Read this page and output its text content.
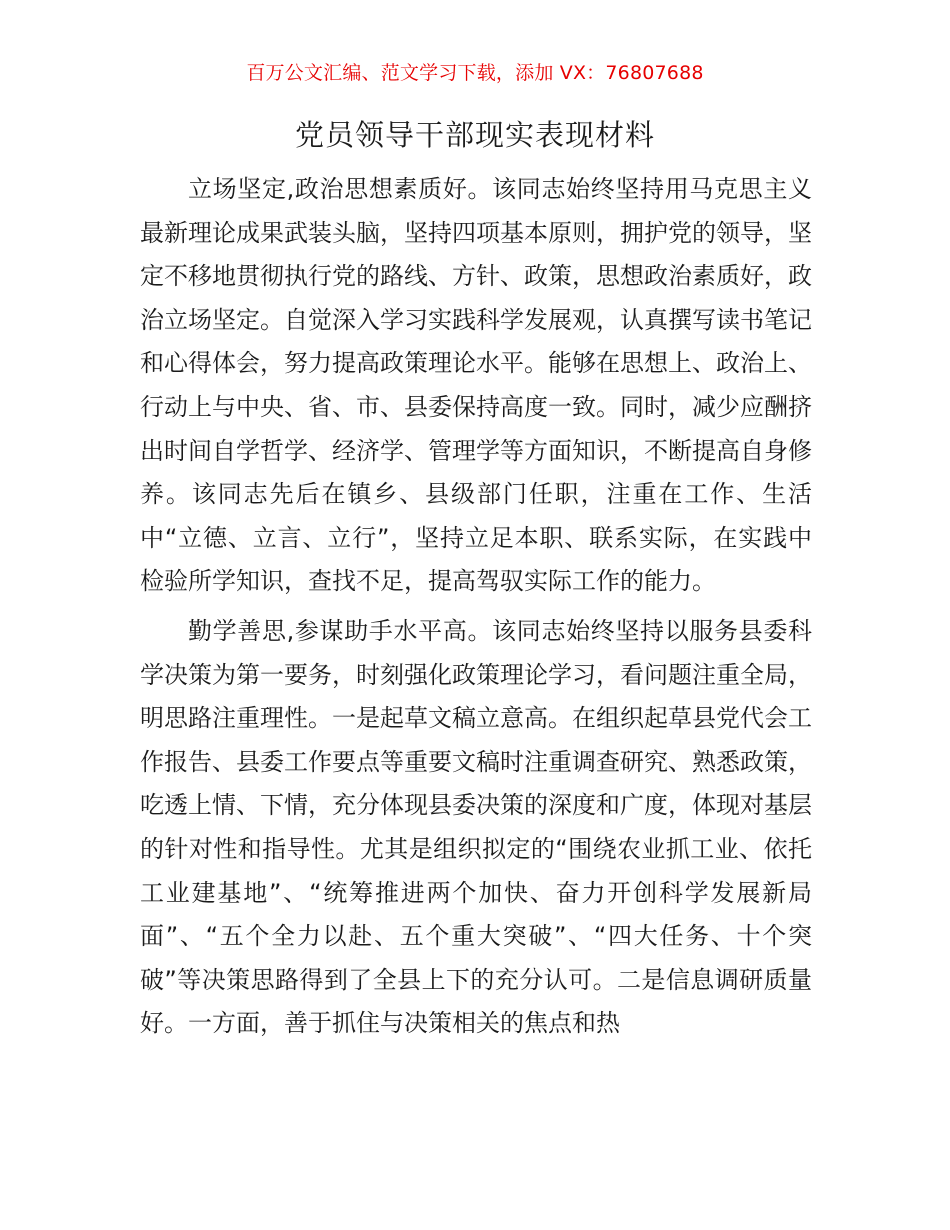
百万公文汇编、范文学习下载，添加 VX：76807688
党员领导干部现实表现材料

立场坚定,政治思想素质好。该同志始终坚持用马克思主义最新理论成果武装头脑，坚持四项基本原则，拥护党的领导，坚定不移地贯彻执行党的路线、方针、政策，思想政治素质好，政治立场坚定。自觉深入学习实践科学发展观，认真撰写读书笔记和心得体会，努力提高政策理论水平。能够在思想上、政治上、行动上与中央、省、市、县委保持高度一致。同时，减少应酬挤出时间自学哲学、经济学、管理学等方面知识，不断提高自身修养。该同志先后在镇乡、县级部门任职，注重在工作、生活中“立德、立言、立行”，坚持立足本职、联系实际，在实践中检验所学知识，查找不足，提高驾驭实际工作的能力。

勤学善思,参谋助手水平高。该同志始终坚持以服务县委科学决策为第一要务，时刻强化政策理论学习，看问题注重全局，明思路注重理性。一是起草文稿立意高。在组织起草县党代会工作报告、县委工作要点等重要文稿时注重调查研究、熟悉政策，吃透上情、下情，充分体现县委决策的深度和广度，体现对基层的针对性和指导性。尤其是组织拟定的“围绕农业抓工业、依托工业建基地”、“统筹推进两个加快、奋力开创科学发展新局面”、“五个全力以赴、五个重大突破”、“四大任务、十个突破”等决策思路得到了全县上下的充分认可。二是信息调研质量好。一方面，善于抓住与决策相关的焦点和热
